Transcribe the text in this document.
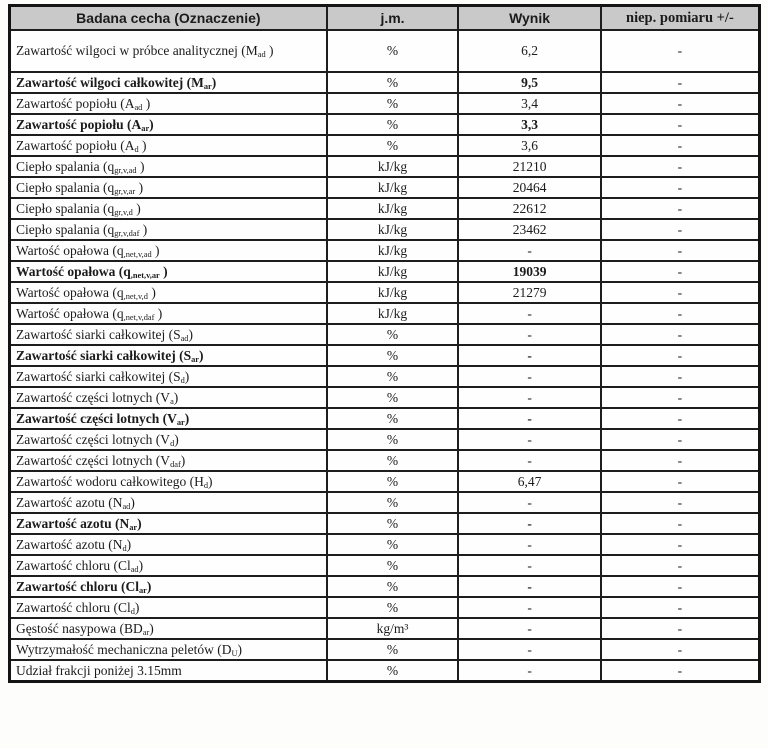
Badana cecha (Oznaczenie)	j.m.	Wynik	niep. pomiaru +/-
Zawartość wilgoci w próbce analitycznej ($M_{ad}$ )	%	6,2	-
Zawartość wilgoci całkowitej $(M_{ar})$	%	9,5	-
Zawartość popiołu ($A_{ad}$ )	%	3,4	-
Zawartość popiołu $(A_{ar})$	%	3,3	-
Zawartość popiołu ($A_d$ )	%	3,6	-
Ciepło spalania ($q_{gr,v,ad}$ )	kJ/kg	21210	-
Ciepło spalania ($q_{gr,v,ar}$ )	kJ/kg	20464	-
Ciepło spalania ($q_{gr,v,d}$ )	kJ/kg	22612	-
Ciepło spalania ($q_{gr,v,daf}$ )	kJ/kg	23462	-
Wartość opałowa ($q_{,net,v,ad}$ )	kJ/kg	-	-
Wartość opałowa ($q_{,net,v,ar}$ )	kJ/kg	19039	-
Wartość opałowa ($q_{,net,v,d}$ )	kJ/kg	21279	-
Wartość opałowa ($q_{,net,v,daf}$ )	kJ/kg	-	-
Zawartość siarki całkowitej $(S_{ad})$	%	-	-
Zawartość siarki całkowitej $(S_{ar})$	%	-	-
Zawartość siarki całkowitej $(S_d)$	%	-	-
Zawartość części lotnych $(V_a)$	%	-	-
Zawartość części lotnych $(V_{ar})$	%	-	-
Zawartość części lotnych $(V_d)$	%	-	-
Zawartość części lotnych $(V_{daf})$	%	-	-
Zawartość wodoru całkowitego $(H_d)$	%	6,47	-
Zawartość azotu $(N_{ad})$	%	-	-
Zawartość azotu $(N_{ar})$	%	-	-
Zawartość azotu $(N_d)$	%	-	-
Zawartość chloru $(Cl_{ad})$	%	-	-
Zawartość chloru $(Cl_{ar})$	%	-	-
Zawartość chloru $(Cl_d)$	%	-	-
Gęstość nasypowa $(BD_{ar})$	kg/m³	-	-
Wytrzymałość mechaniczna peletów $(D_U)$	%	-	-
Udział frakcji poniżej 3.15mm	%	-	-
